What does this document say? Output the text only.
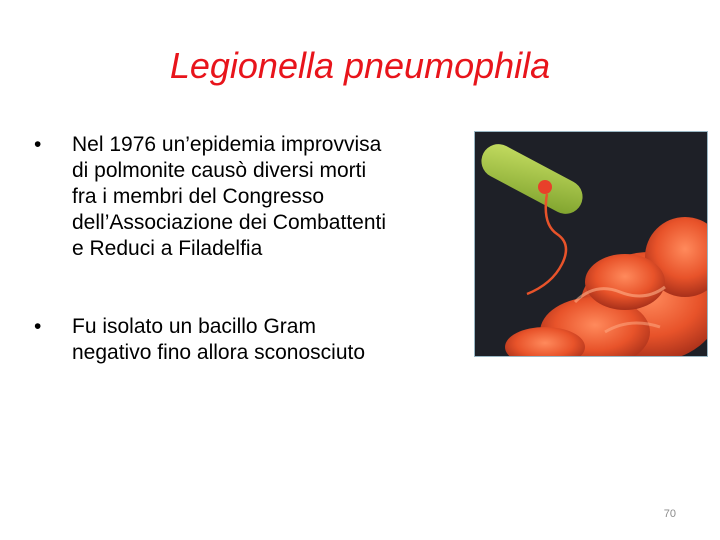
Legionella pneumophila
•	Nel 1976 un’epidemia improvvisa
di polmonite causò diversi morti
fra i membri del Congresso
dell’Associazione dei Combattenti
e Reduci a Filadelfia
•	Fu isolato un bacillo Gram
negativo fino allora sconosciuto
70
